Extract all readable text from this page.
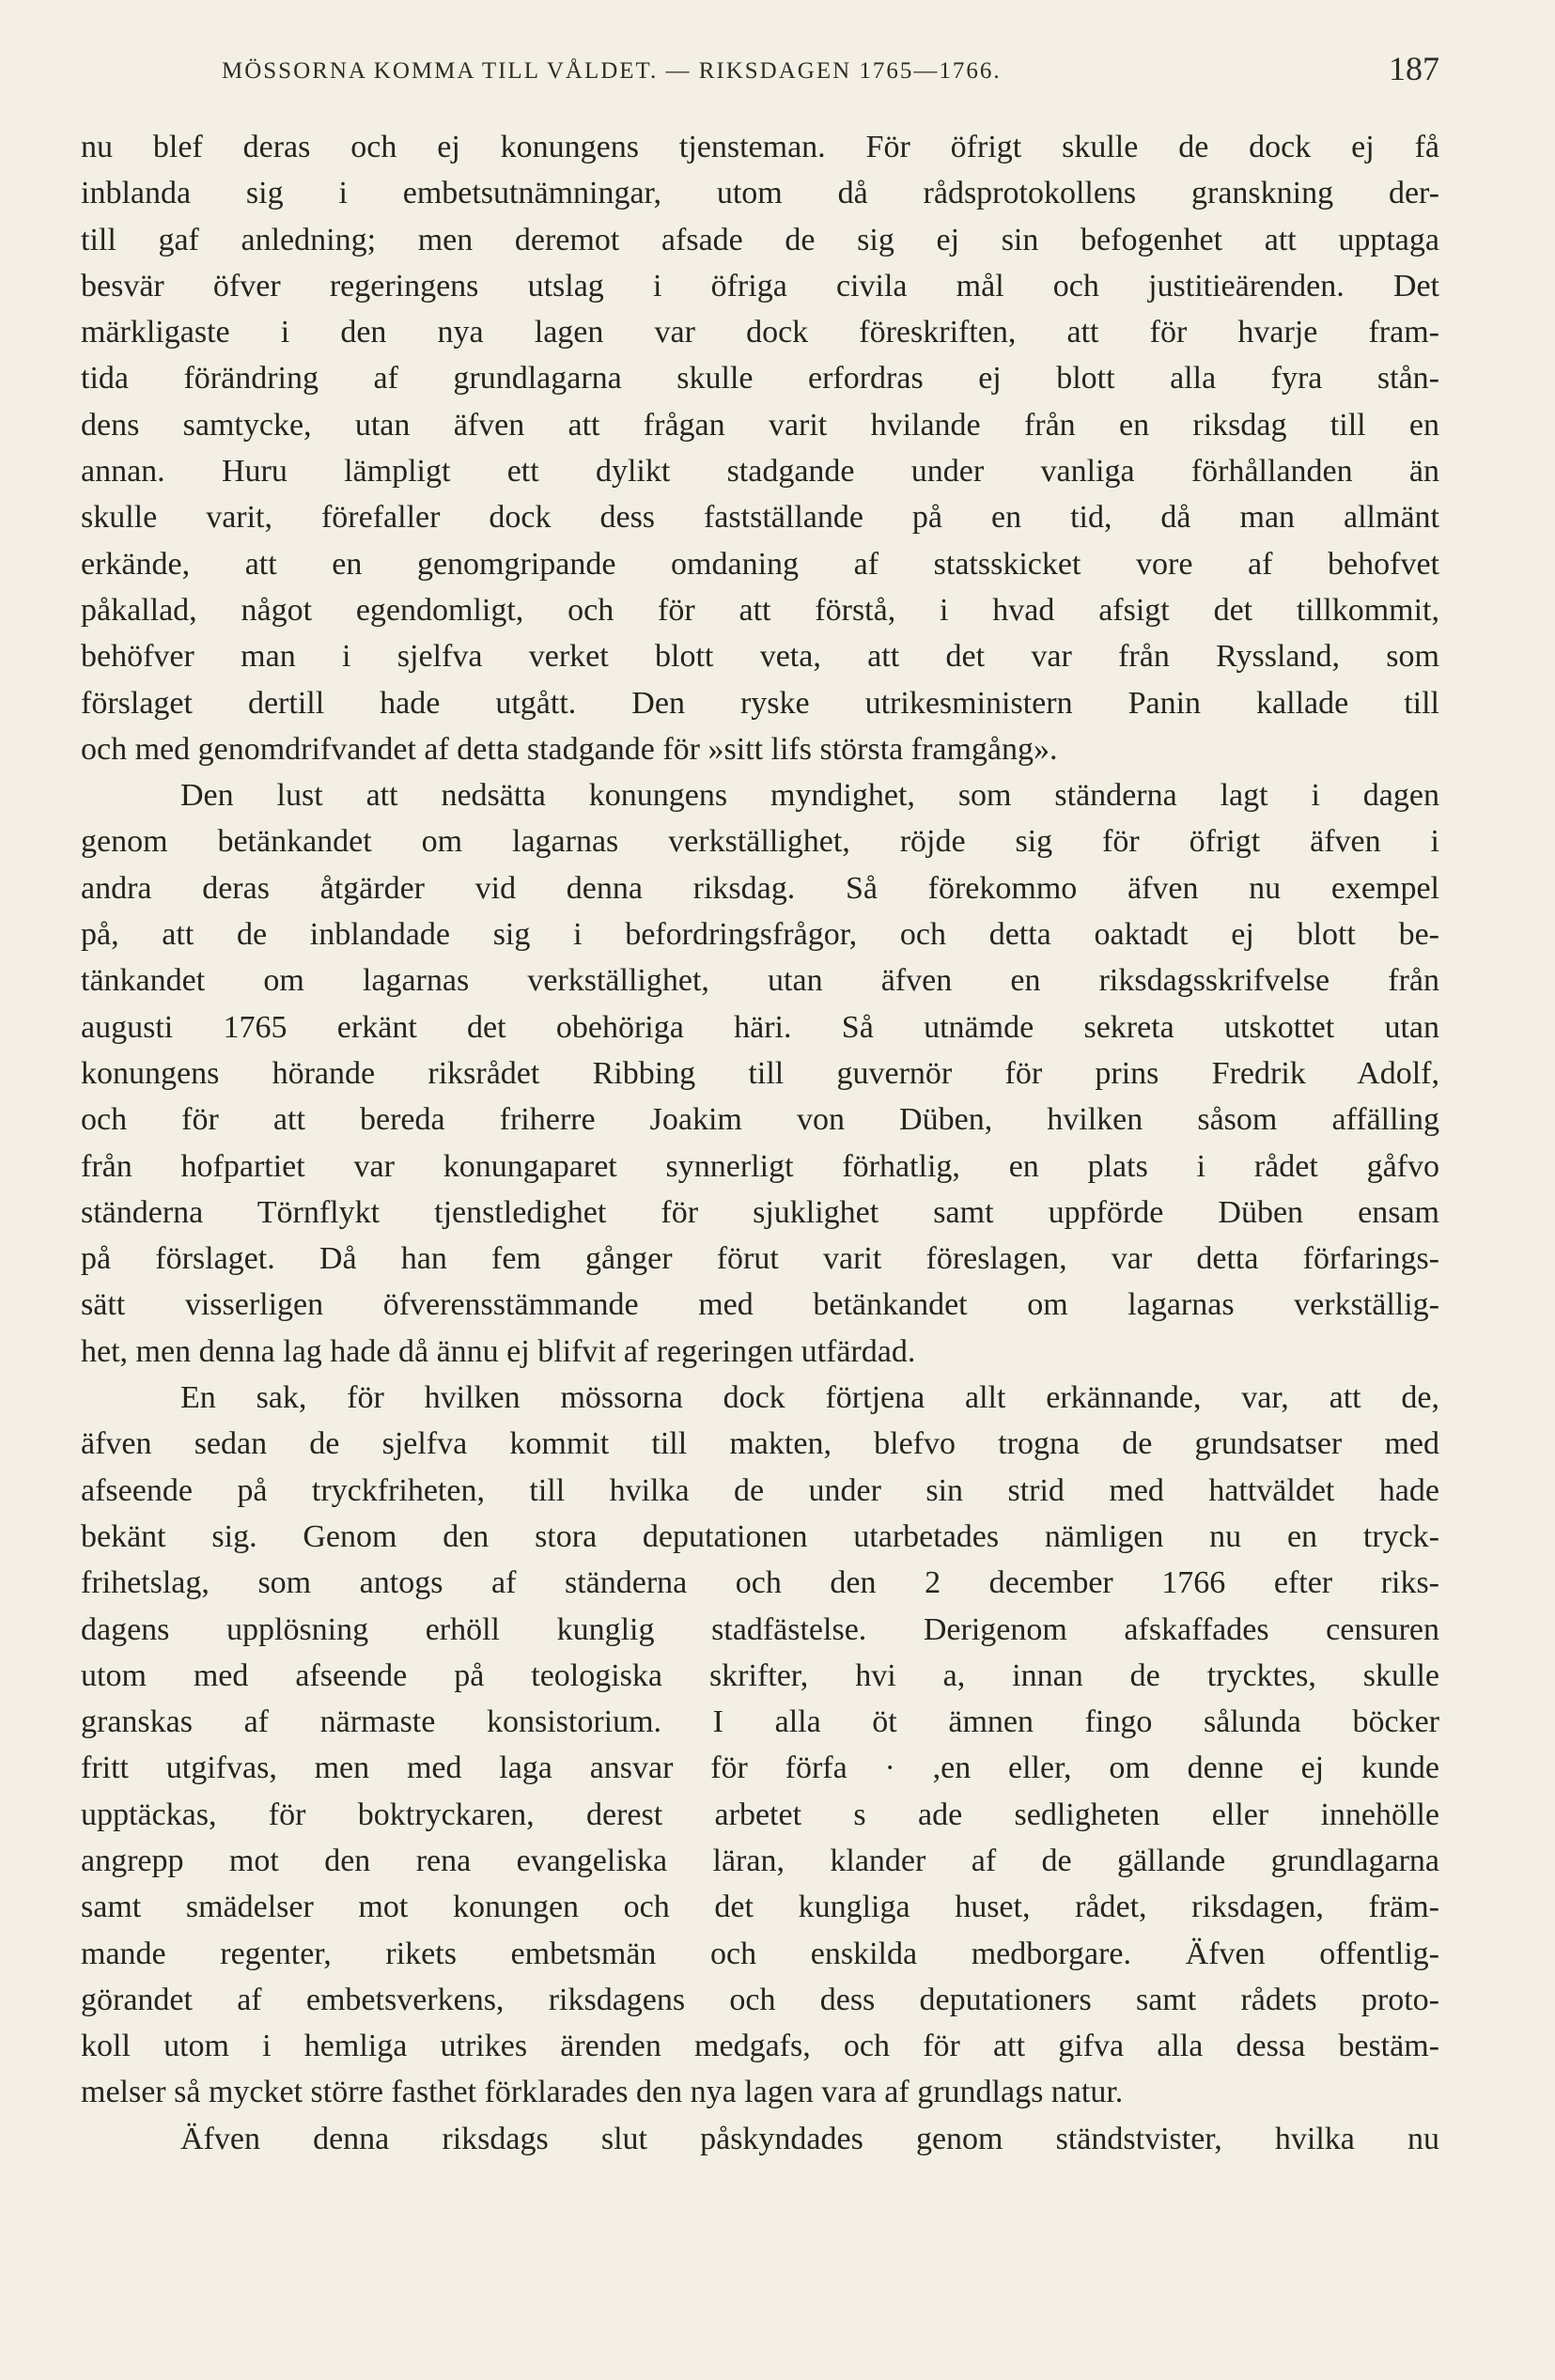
MÖSSORNA KOMMA TILL VÅLDET. — RIKSDAGEN 1765—1766.	187
nu blef deras och ej konungens tjensteman. För öfrigt skulle de dock ej få
inblanda sig i embetsutnämningar, utom då rådsprotokollens granskning der-
till gaf anledning; men deremot afsade de sig ej sin befogenhet att upptaga
besvär öfver regeringens utslag i öfriga civila mål och justitieärenden. Det
märkligaste i den nya lagen var dock föreskriften, att för hvarje fram-
tida förändring af grundlagarna skulle erfordras ej blott alla fyra stån-
dens samtycke, utan äfven att frågan varit hvilande från en riksdag till en
annan. Huru lämpligt ett dylikt stadgande under vanliga förhållanden än
skulle varit, förefaller dock dess fastställande på en tid, då man allmänt
erkände, att en genomgripande omdaning af statsskicket vore af behofvet
påkallad, något egendomligt, och för att förstå, i hvad afsigt det tillkommit,
behöfver man i sjelfva verket blott veta, att det var från Ryssland, som
förslaget dertill hade utgått. Den ryske utrikesministern Panin kallade till
och med genomdrifvandet af detta stadgande för »sitt lifs största framgång».
Den lust att nedsätta konungens myndighet, som ständerna lagt i dagen
genom betänkandet om lagarnas verkställighet, röjde sig för öfrigt äfven i
andra deras åtgärder vid denna riksdag. Så förekommo äfven nu exempel
på, att de inblandade sig i befordringsfrågor, och detta oaktadt ej blott be-
tänkandet om lagarnas verkställighet, utan äfven en riksdagsskrifvelse från
augusti 1765 erkänt det obehöriga häri. Så utnämde sekreta utskottet utan
konungens hörande riksrådet Ribbing till guvernör för prins Fredrik Adolf,
och för att bereda friherre Joakim von Düben, hvilken såsom affälling
från hofpartiet var konungaparet synnerligt förhatlig, en plats i rådet gåfvo
ständerna Törnflykt tjenstledighet för sjuklighet samt uppförde Düben ensam
på förslaget. Då han fem gånger förut varit föreslagen, var detta förfarings-
sätt visserligen öfverensstämmande med betänkandet om lagarnas verkställig-
het, men denna lag hade då ännu ej blifvit af regeringen utfärdad.
En sak, för hvilken mössorna dock förtjena allt erkännande, var, att de,
äfven sedan de sjelfva kommit till makten, blefvo trogna de grundsatser med
afseende på tryckfriheten, till hvilka de under sin strid med hattväldet hade
bekänt sig. Genom den stora deputationen utarbetades nämligen nu en tryck-
frihetslag, som antogs af ständerna och den 2 december 1766 efter riks-
dagens upplösning erhöll kunglig stadfästelse. Derigenom afskaffades censuren
utom med afseende på teologiska skrifter, hvi a, innan de trycktes, skulle
granskas af närmaste konsistorium. I alla öt ämnen fingo sålunda böcker
fritt utgifvas, men med laga ansvar för förfa · ,en eller, om denne ej kunde
upptäckas, för boktryckaren, derest arbetet s ade sedligheten eller innehölle
angrepp mot den rena evangeliska läran, klander af de gällande grundlagarna
samt smädelser mot konungen och det kungliga huset, rådet, riksdagen, främ-
mande regenter, rikets embetsmän och enskilda medborgare. Äfven offentlig-
görandet af embetsverkens, riksdagens och dess deputationers samt rådets proto-
koll utom i hemliga utrikes ärenden medgafs, och för att gifva alla dessa bestäm-
melser så mycket större fasthet förklarades den nya lagen vara af grundlags natur.
Äfven denna riksdags slut påskyndades genom ständstvister, hvilka nu
